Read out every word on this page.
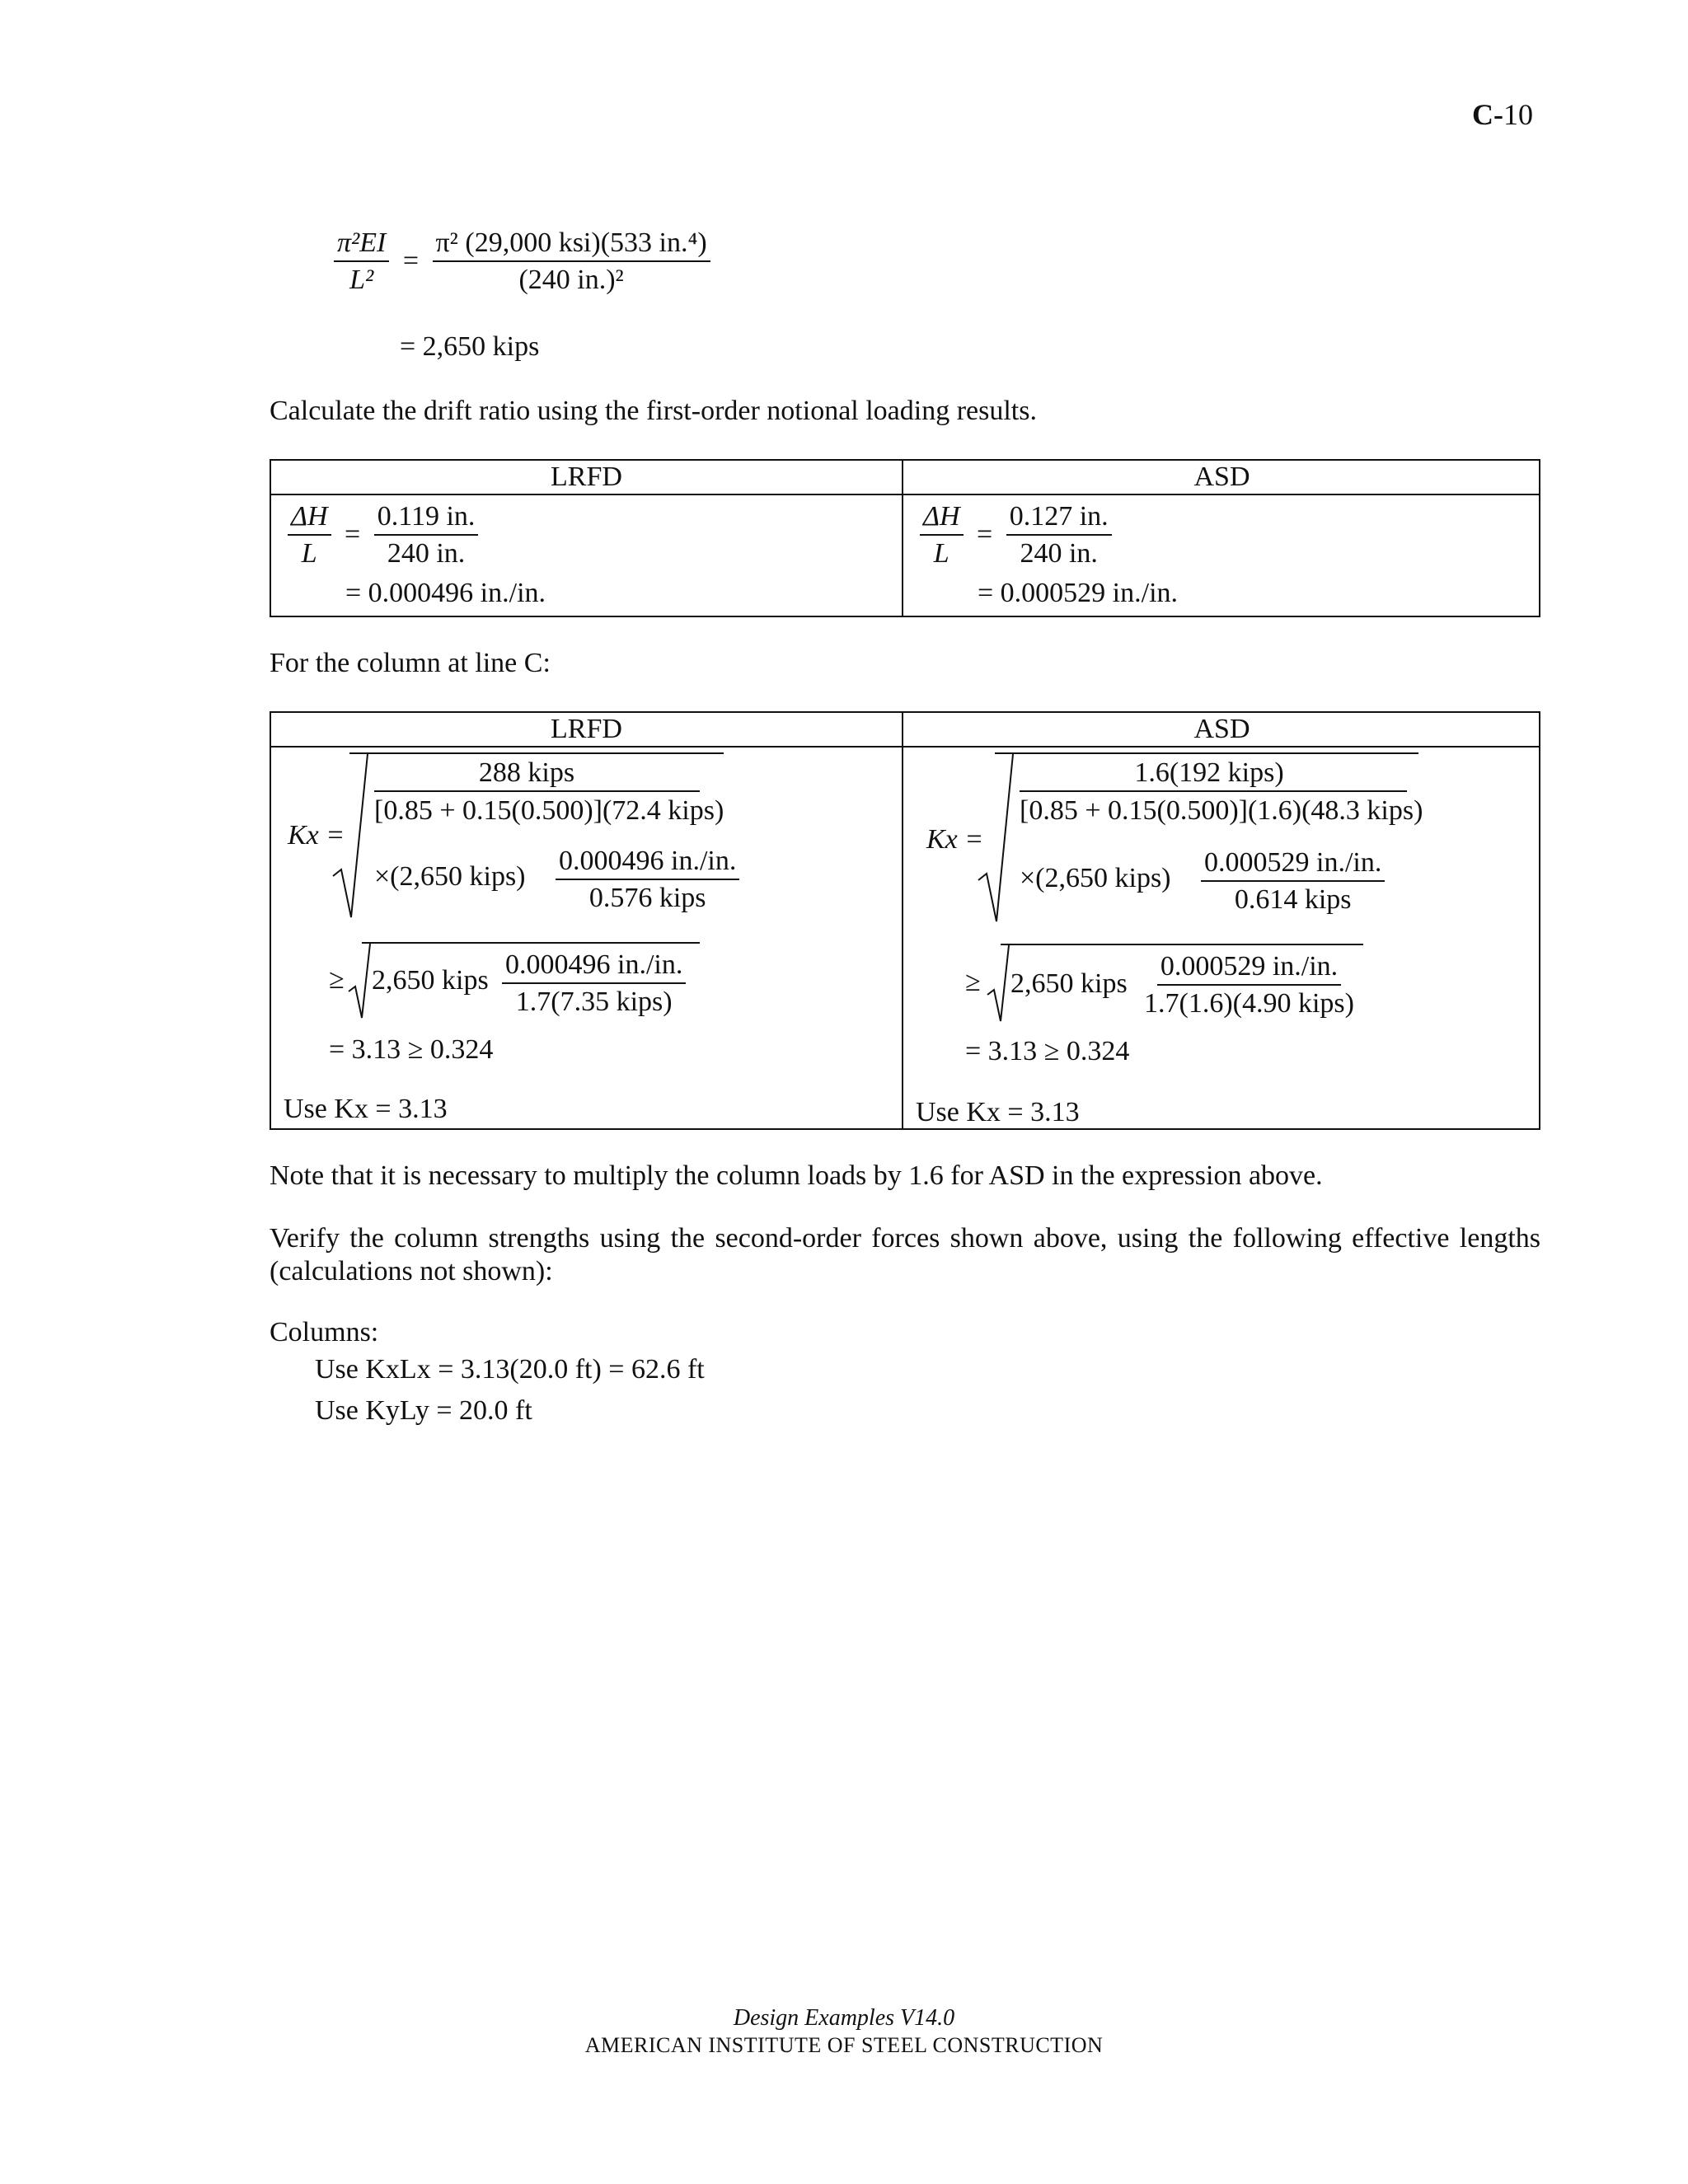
C-10
$\frac{\text{π²EI}}{\text{L²}} = \frac{\text{π² (29,000 ksi)(533 in.⁴)}}{\text{(240 in.)²}}$
= 2,650 kips
Calculate the drift ratio using the first-order notional loading results.
LRFD	ASD
$\frac{\Delta H}{L} = \frac{0.119 in.}{240 in.}$
= 0.000496 in./in.
$\frac{\Delta H}{L} = \frac{0.127 in.}{240 in.}$
= 0.000529 in./in.
For the column at line C:
LRFD	ASD
Kx =
288 kips
[0.85 + 0.15(0.500)](72.4 kips)
×(2,650 kips)
0.000496 in./in.
0.576 kips
≥ 2,650 kips
0.000496 in./in.
1.7(7.35 kips)
= 3.13 ≥ 0.324
Use Kx = 3.13
Kx =
1.6(192 kips)
[0.85 + 0.15(0.500)](1.6)(48.3 kips)
×(2,650 kips)
0.000529 in./in.
0.614 kips
≥ 2,650 kips
0.000529 in./in.
1.7(1.6)(4.90 kips)
= 3.13 ≥ 0.324
Use Kx = 3.13
Note that it is necessary to multiply the column loads by 1.6 for ASD in the expression above.
Verify the column strengths using the second-order forces shown above, using the following effective lengths (calculations not shown):
Columns:
Use KxLx = 3.13(20.0 ft) = 62.6 ft
Use KyLy = 20.0 ft
Design Examples V14.0
AMERICAN INSTITUTE OF STEEL CONSTRUCTION
